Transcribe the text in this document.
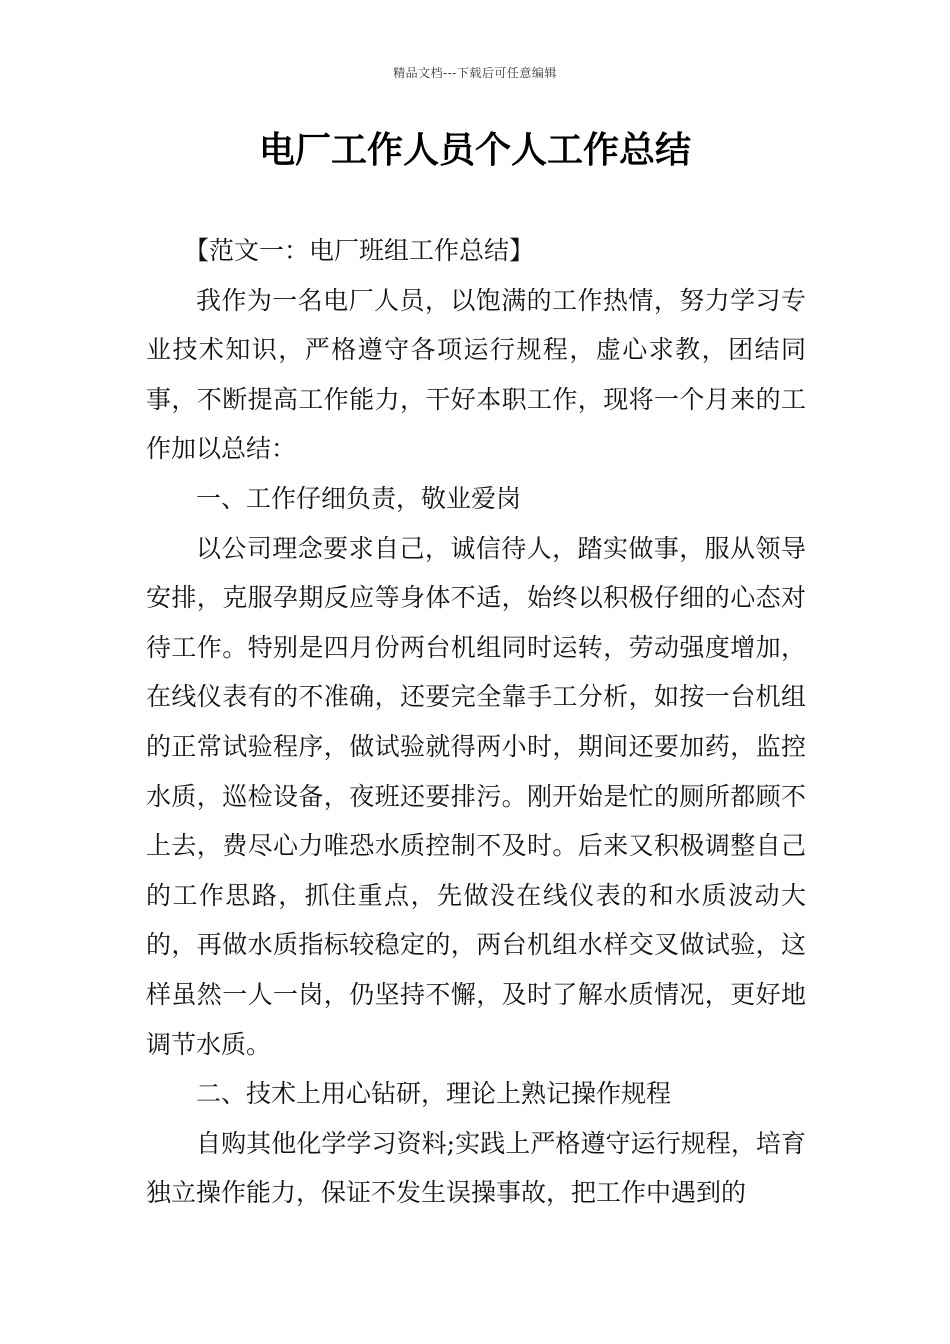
精品文档---下载后可任意编辑
电厂工作人员个人工作总结

【范文一：电厂班组工作总结】

我作为一名电厂人员，以饱满的工作热情，努力学习专业技术知识，严格遵守各项运行规程，虚心求教，团结同事，不断提高工作能力，干好本职工作，现将一个月来的工作加以总结：

一、工作仔细负责，敬业爱岗

以公司理念要求自己，诚信待人，踏实做事，服从领导安排，克服孕期反应等身体不适，始终以积极仔细的心态对待工作。特别是四月份两台机组同时运转，劳动强度增加，在线仪表有的不准确，还要完全靠手工分析，如按一台机组的正常试验程序，做试验就得两小时，期间还要加药，监控水质，巡检设备，夜班还要排污。刚开始是忙的厕所都顾不上去，费尽心力唯恐水质控制不及时。后来又积极调整自己的工作思路，抓住重点，先做没在线仪表的和水质波动大的，再做水质指标较稳定的，两台机组水样交叉做试验，这样虽然一人一岗，仍坚持不懈，及时了解水质情况，更好地调节水质。

二、技术上用心钻研，理论上熟记操作规程

自购其他化学学习资料;实践上严格遵守运行规程，培育独立操作能力，保证不发生误操事故，把工作中遇到的
